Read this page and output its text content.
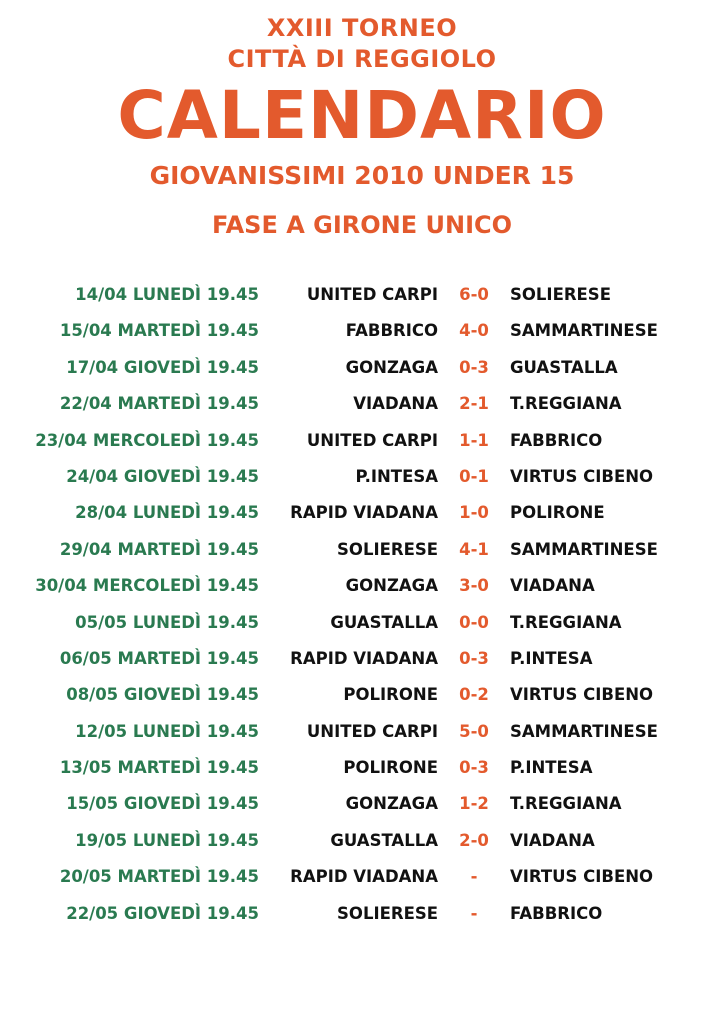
XXIII TORNEO
CITTÀ DI REGGIOLO
CALENDARIO
GIOVANISSIMI 2010 UNDER 15
FASE A GIRONE UNICO
14/04 LUNEDÌ 19.45	UNITED CARPI	6-0	SOLIERESE
15/04 MARTEDÌ 19.45	FABBRICO	4-0	SAMMARTINESE
17/04 GIOVEDÌ 19.45	GONZAGA	0-3	GUASTALLA
22/04 MARTEDÌ 19.45	VIADANA	2-1	T.REGGIANA
23/04 MERCOLEDÌ 19.45	UNITED CARPI	1-1	FABBRICO
24/04 GIOVEDÌ 19.45	P.INTESA	0-1	VIRTUS CIBENO
28/04 LUNEDÌ 19.45 RAPID VIADANA	1-0	POLIRONE
29/04 MARTEDÌ 19.45	SOLIERESE	4-1	SAMMARTINESE
30/04 MERCOLEDÌ 19.45	GONZAGA	3-0	VIADANA
05/05 LUNEDÌ 19.45	GUASTALLA	0-0	T.REGGIANA
06/05 MARTEDÌ 19.45 RAPID VIADANA	0-3	P.INTESA
08/05 GIOVEDÌ 19.45	POLIRONE	0-2	VIRTUS CIBENO
12/05 LUNEDÌ 19.45	UNITED CARPI	5-0	SAMMARTINESE
13/05 MARTEDÌ 19.45	POLIRONE	0-3	P.INTESA
15/05 GIOVEDÌ 19.45	GONZAGA	1-2	T.REGGIANA
19/05 LUNEDÌ 19.45	GUASTALLA	2-0	VIADANA
20/05 MARTEDÌ 19.45 RAPID VIADANA	-	VIRTUS CIBENO
22/05 GIOVEDÌ 19.45	SOLIERESE	-	FABBRICO
